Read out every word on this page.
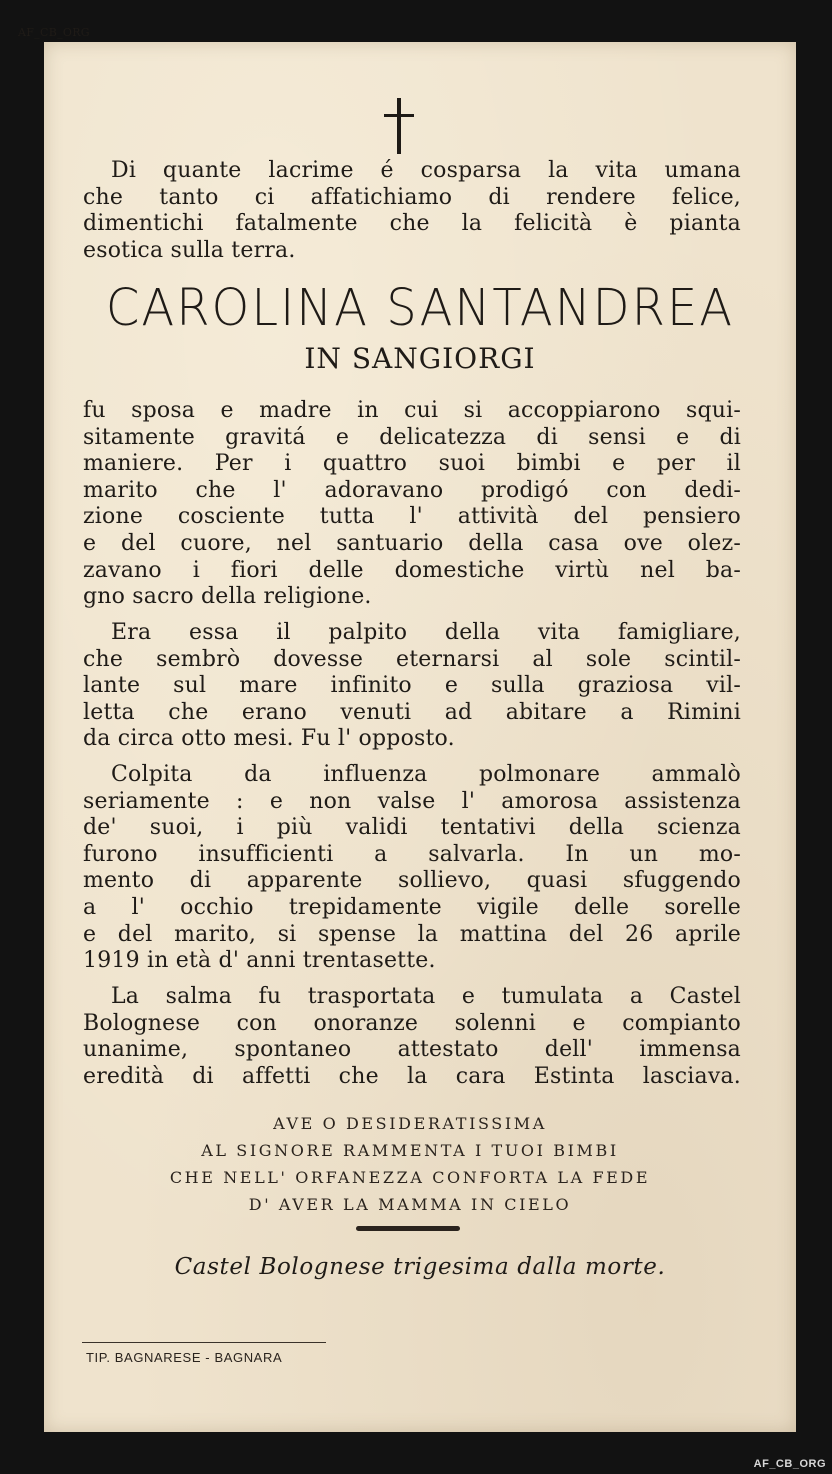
AF_CB_ORG
AF_CB_ORG
Di quante lacrime é cosparsa la vita umana
che tanto ci affatichiamo di rendere felice,
dimentichi fatalmente che la felicità è pianta
esotica sulla terra.
CAROLINA SANTANDREA
IN SANGIORGI
fu sposa e madre in cui si accoppiarono squi-
sitamente gravitá e delicatezza di sensi e di
maniere. Per i quattro suoi bimbi e per il
marito che l' adoravano prodigó con dedi-
zione cosciente tutta l' attività del pensiero
e del cuore, nel santuario della casa ove olez-
zavano i fiori delle domestiche virtù nel ba-
gno sacro della religione.
Era essa il palpito della vita famigliare,
che sembrò dovesse eternarsi al sole scintil-
lante sul mare infinito e sulla graziosa vil-
letta che erano venuti ad abitare a Rimini
da circa otto mesi. Fu l' opposto.
Colpita da influenza polmonare ammalò
seriamente : e non valse l' amorosa assistenza
de' suoi, i più validi tentativi della scienza
furono insufficienti a salvarla. In un mo-
mento di apparente sollievo, quasi sfuggendo
a l' occhio trepidamente vigile delle sorelle
e del marito, si spense la mattina del 26 aprile
1919 in età d' anni trentasette.
La salma fu trasportata e tumulata a Castel
Bolognese con onoranze solenni e compianto
unanime, spontaneo attestato dell' immensa
eredità di affetti che la cara Estinta lasciava.
AVE O DESIDERATISSIMA
AL SIGNORE RAMMENTA I TUOI BIMBI
CHE NELL' ORFANEZZA CONFORTA LA FEDE
D' AVER LA MAMMA IN CIELO
Castel Bolognese trigesima dalla morte.
TIP. BAGNARESE - BAGNARA
